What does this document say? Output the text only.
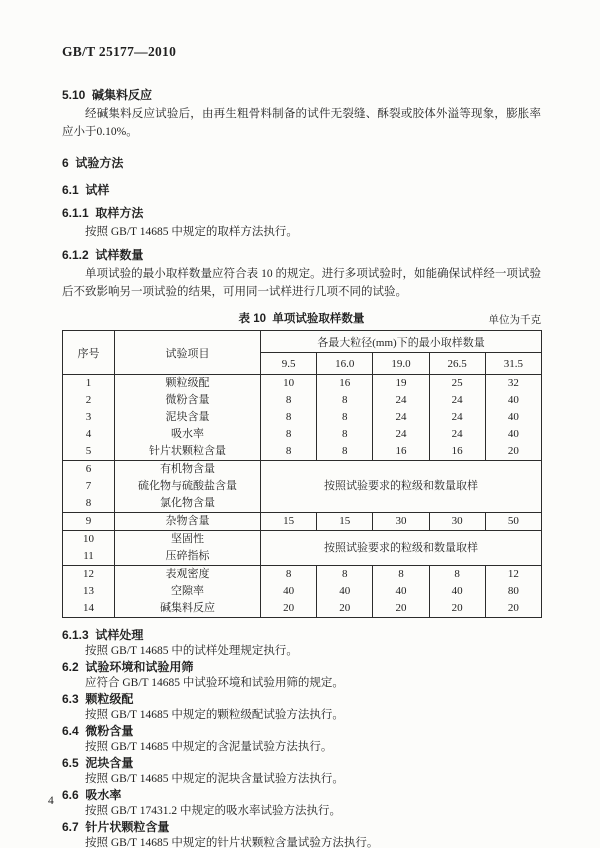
GB/T 25177—2010
5.10  碱集料反应

经碱集料反应试验后，由再生粗骨料制备的试件无裂缝、酥裂或胶体外溢等现象，膨胀率应小于0.10%。

6  试验方法
6.1  试样
6.1.1  取样方法

按照 GB/T 14685 中规定的取样方法执行。

6.1.2  试样数量

单项试验的最小取样数量应符合表 10 的规定。进行多项试验时，如能确保试样经一项试验后不致影响另一项试验的结果，可用同一试样进行几项不同的试验。

表 10  单项试验取样数量	单位为千克
序号	试验项目	各最大粒径(mm)下的最小取样数量				
		9.5	16.0	19.0	26.5	31.5
1	颗粒级配	10	16	19	25	32
2	微粉含量	8	8	24	24	40
3	泥块含量	8	8	24	24	40
4	吸水率	8	8	24	24	40
5	针片状颗粒含量	8	8	16	16	20
6	有机物含量	按照试验要求的粒级和数量取样				
7	硫化物与硫酸盐含量					
8	氯化物含量					
9	杂物含量	15	15	30	30	50
10	坚固性	按照试验要求的粒级和数量取样				
11	压碎指标					
12	表观密度	8	8	8	8	12
13	空隙率	40	40	40	40	80
14	碱集料反应	20	20	20	20	20
6.1.3  试样处理

按照 GB/T 14685 中的试样处理规定执行。

6.2  试验环境和试验用筛

应符合 GB/T 14685 中试验环境和试验用筛的规定。

6.3  颗粒级配

按照 GB/T 14685 中规定的颗粒级配试验方法执行。

6.4  微粉含量

按照 GB/T 14685 中规定的含泥量试验方法执行。

6.5  泥块含量

按照 GB/T 14685 中规定的泥块含量试验方法执行。

6.6  吸水率

按照 GB/T 17431.2 中规定的吸水率试验方法执行。

6.7  针片状颗粒含量

按照 GB/T 14685 中规定的针片状颗粒含量试验方法执行。

4
